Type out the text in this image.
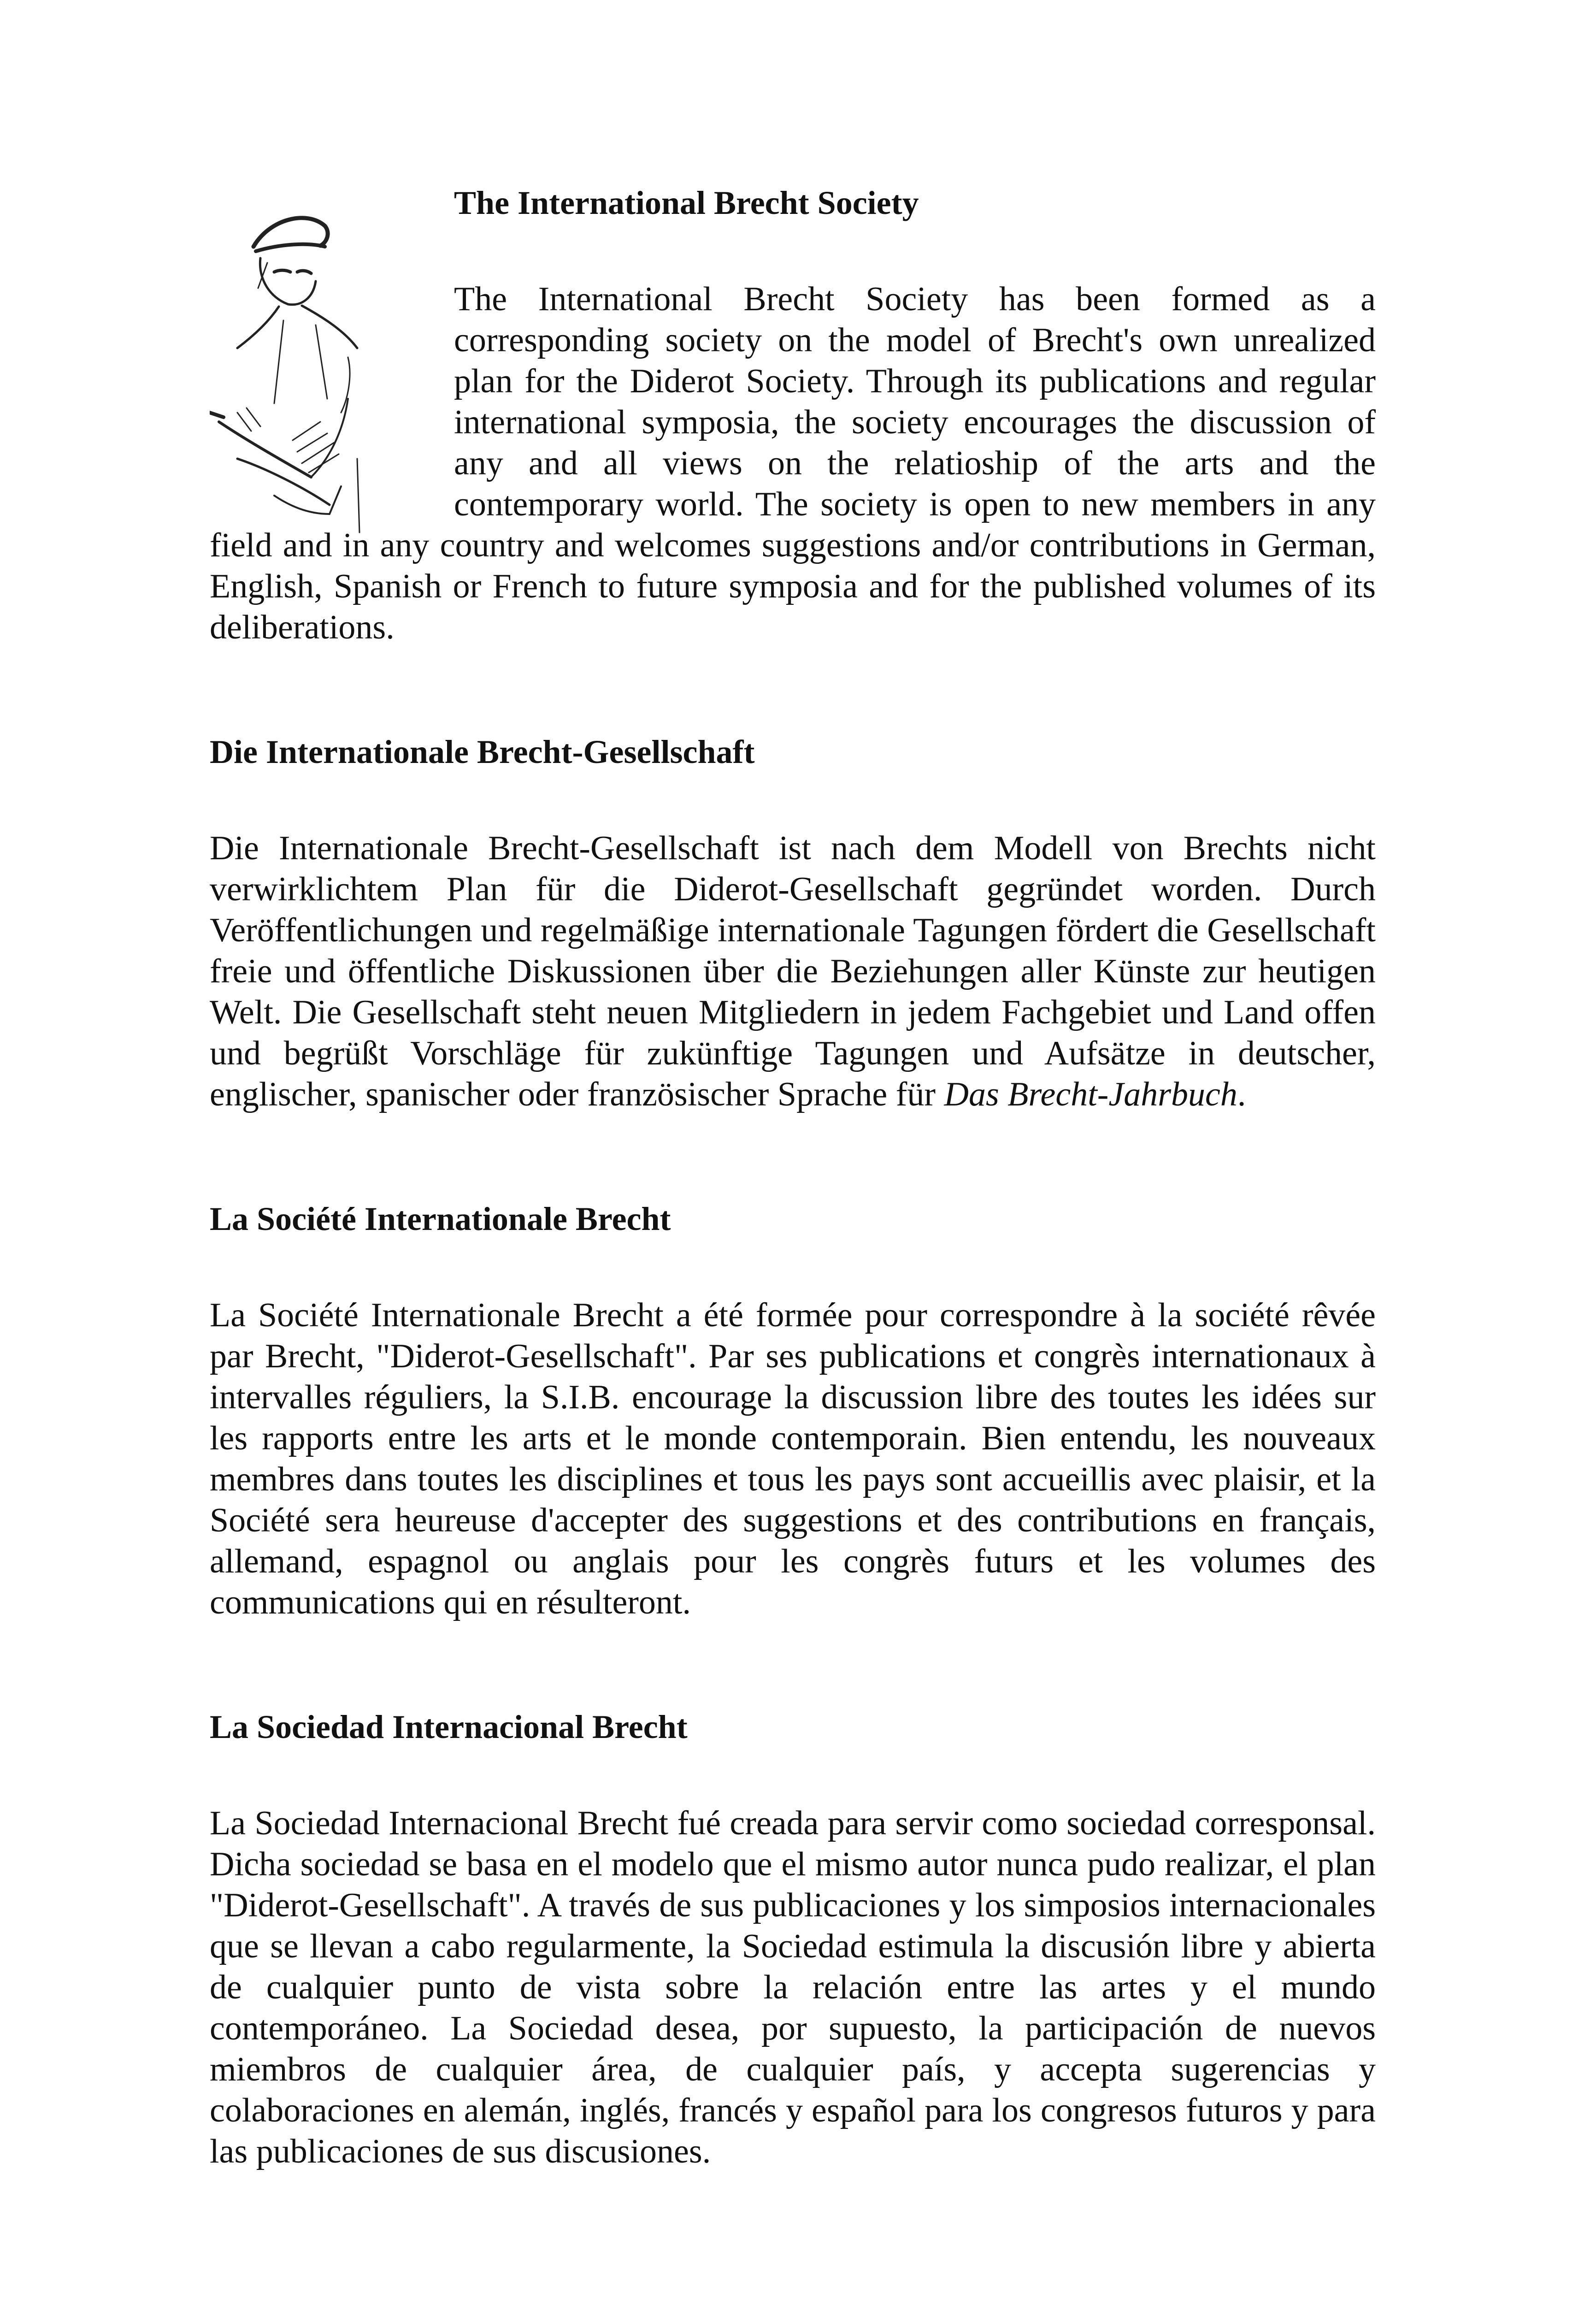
The International Brecht Society

The International Brecht Society has been formed as a corresponding society on the model of Brecht's own unrealized plan for the Diderot Society. Through its publications and regular international symposia, the society encourages the discussion of any and all views on the relatioship of the arts and the contemporary world. The society is open to new members in any field and in any country and welcomes suggestions and/or contributions in German, English, Spanish or French to future symposia and for the published volumes of its deliberations.

Die Internationale Brecht-Gesellschaft

Die Internationale Brecht-Gesellschaft ist nach dem Modell von Brechts nicht verwirklichtem Plan für die Diderot-Gesellschaft gegründet worden. Durch Veröffentlichungen und regelmäßige internationale Tagungen fördert die Gesellschaft freie und öffentliche Diskussionen über die Beziehungen aller Künste zur heutigen Welt. Die Gesellschaft steht neuen Mitgliedern in jedem Fachgebiet und Land offen und begrüßt Vorschläge für zukünftige Tagungen und Aufsätze in deutscher, englischer, spanischer oder französischer Sprache für Das Brecht-Jahrbuch.

La Société Internationale Brecht

La Société Internationale Brecht a été formée pour correspondre à la société rêvée par Brecht, "Diderot-Gesellschaft". Par ses publications et congrès internationaux à intervalles réguliers, la S.I.B. encourage la discussion libre des toutes les idées sur les rapports entre les arts et le monde contemporain. Bien entendu, les nouveaux membres dans toutes les disciplines et tous les pays sont accueillis avec plaisir, et la Société sera heureuse d'accepter des suggestions et des contributions en français, allemand, espagnol ou anglais pour les congrès futurs et les volumes des communications qui en résulteront.

La Sociedad Internacional Brecht

La Sociedad Internacional Brecht fué creada para servir como sociedad corresponsal. Dicha sociedad se basa en el modelo que el mismo autor nunca pudo realizar, el plan "Diderot-Gesellschaft". A través de sus publicaciones y los simposios internacionales que se llevan a cabo regularmente, la Sociedad estimula la discusión libre y abierta de cualquier punto de vista sobre la relación entre las artes y el mundo contemporáneo. La Sociedad desea, por supuesto, la participación de nuevos miembros de cualquier área, de cualquier país, y accepta sugerencias y colaboraciones en alemán, inglés, francés y español para los congresos futuros y para las publicaciones de sus discusiones.
